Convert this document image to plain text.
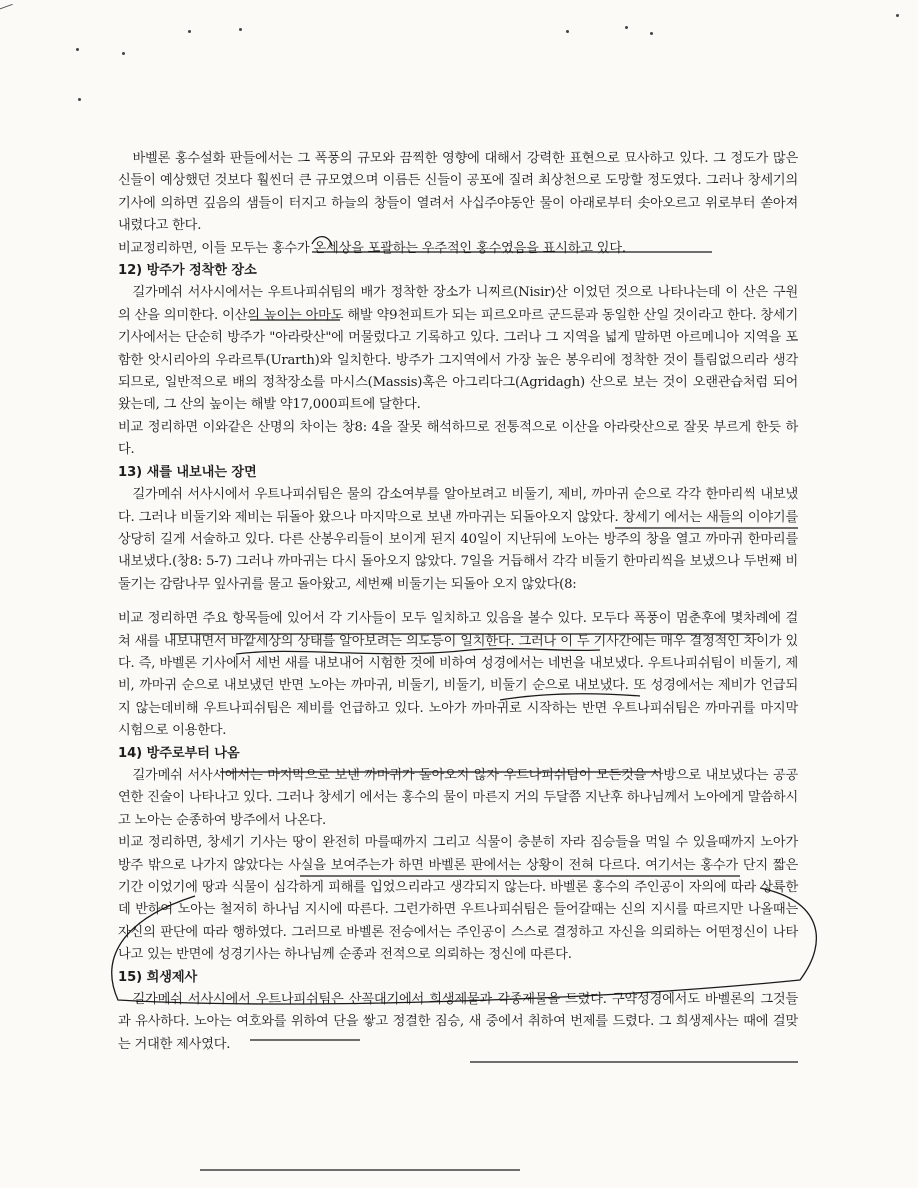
바벨론 홍수설화 판들에서는 그 폭풍의 규모와 끔찍한 영향에 대해서 강력한 표현으로 묘사하고 있다. 그 정도가 많은 신들이 예상했던 것보다 훨씬더 큰 규모였으며 이름든 신들이 공포에 질려 최상천으로 도망할 정도였다. 그러나 창세기의 기사에 의하면 깊음의 샘들이 터지고 하늘의 창들이 열려서 사십주야동안 물이 아래로부터 솟아오르고 위로부터 쏟아져 내렸다고 한다.

비교정리하면, 이들 모두는 홍수가 온세상을 포괄하는 우주적인 홍수였음을 표시하고 있다.

12) 방주가 정착한 장소

길가메쉬 서사시에서는 우트나피쉬팀의 배가 정착한 장소가 니찌르(Nisir)산 이었던 것으로 나타나는데 이 산은 구원의 산을 의미한다. 이산의 높이는 아마도 해발 약9천피트가 되는 피르오마르 군드룬과 동일한 산일 것이라고 한다. 창세기 기사에서는 단순히 방주가 "아라랏산"에 머물렀다고 기록하고 있다. 그러나 그 지역을 넓게 말하면 아르메니아 지역을 포함한 앗시리아의 우라르투(Urarth)와 일치한다. 방주가 그지역에서 가장 높은 봉우리에 정착한 것이 틀림없으리라 생각되므로, 일반적으로 배의 정착장소를 마시스(Massis)혹은 아그리다그(Agridagh) 산으로 보는 것이 오랜관습처럼 되어 왔는데, 그 산의 높이는 해발 약17,000피트에 달한다.

비교 정리하면 이와같은 산명의 차이는 창8: 4을 잘못 해석하므로 전통적으로 이산을 아라랏산으로 잘못 부르게 한듯 하다.

13) 새를 내보내는 장면

길가메쉬 서사시에서 우트나피쉬팀은 물의 감소여부를 알아보려고 비둘기, 제비, 까마귀 순으로 각각 한마리씩 내보냈다. 그러나 비둘기와 제비는 뒤돌아 왔으나 마지막으로 보낸 까마귀는 되돌아오지 않았다. 창세기 에서는 새들의 이야기를 상당히 길게 서술하고 있다. 다른 산봉우리들이 보이게 된지 40일이 지난뒤에 노아는 방주의 창을 열고 까마귀 한마리를 내보냈다.(창8: 5-7) 그러나 까마귀는 다시 돌아오지 않았다. 7일을 거듭해서 각각 비둘기 한마리씩을 보냈으나 두번째 비둘기는 감람나무 잎사귀를 물고 돌아왔고, 세번째 비둘기는 되돌아 오지 않았다(8:

비교 정리하면 주요 항목들에 있어서 각 기사들이 모두 일치하고 있음을 볼수 있다. 모두다 폭풍이 멈춘후에 몇차례에 걸쳐 새를 내보내면서 바깥세상의 상태를 알아보려는 의도등이 일치한다. 그러나 이 두 기사간에는 매우 결정적인 차이가 있다. 즉, 바벨론 기사에서 세번 새를 내보내어 시험한 것에 비하여 성경에서는 네번을 내보냈다. 우트나피쉬팀이 비둘기, 제비, 까마귀 순으로 내보냈던 반면 노아는 까마귀, 비둘기, 비둘기, 비둘기 순으로 내보냈다. 또 성경에서는 제비가 언급되지 않는데비해 우트나피쉬팀은 제비를 언급하고 있다. 노아가 까마귀로 시작하는 반면 우트나피쉬팀은 까마귀를 마지막 시험으로 이용한다.

14) 방주로부터 나옴

길가메쉬 서사시에서는 마지막으로 보낸 까마귀가 돌아오지 않자 우트나피쉬팀이 모든것을 사방으로 내보냈다는 공공연한 진술이 나타나고 있다. 그러나 창세기 에서는 홍수의 물이 마른지 거의 두달쯤 지난후 하나님께서 노아에게 말씀하시고 노아는 순종하여 방주에서 나온다.

비교 정리하면, 창세기 기사는 땅이 완전히 마를때까지 그리고 식물이 충분히 자라 짐승들을 먹일 수 있을때까지 노아가 방주 밖으로 나가지 않았다는 사실을 보여주는가 하면 바벨론 판에서는 상황이 전혀 다르다. 여기서는 홍수가 단지 짧은 기간 이었기에 땅과 식물이 심각하게 피해를 입었으리라고 생각되지 않는다. 바벨론 홍수의 주인공이 자의에 따라 상륙한데 반하여 노아는 철저히 하나님 지시에 따른다. 그런가하면 우트나피쉬팀은 들어갈때는 신의 지시를 따르지만 나올때는 자신의 판단에 따라 행하였다. 그러므로 바벨론 전승에서는 주인공이 스스로 결정하고 자신을 의뢰하는 어떤정신이 나타나고 있는 반면에 성경기사는 하나님께 순종과 전적으로 의뢰하는 정신에 따른다.

15) 희생제사

길가메쉬 서사시에서 우트나피쉬팀은 산꼭대기에서 희생제물과 각종제물을 드렸다. 구약성경에서도 바벨론의 그것들과 유사하다. 노아는 여호와를 위하여 단을 쌓고 정결한 짐승, 새 중에서 취하여 번제를 드렸다. 그 희생제사는 때에 걸맞는 거대한 제사였다.
